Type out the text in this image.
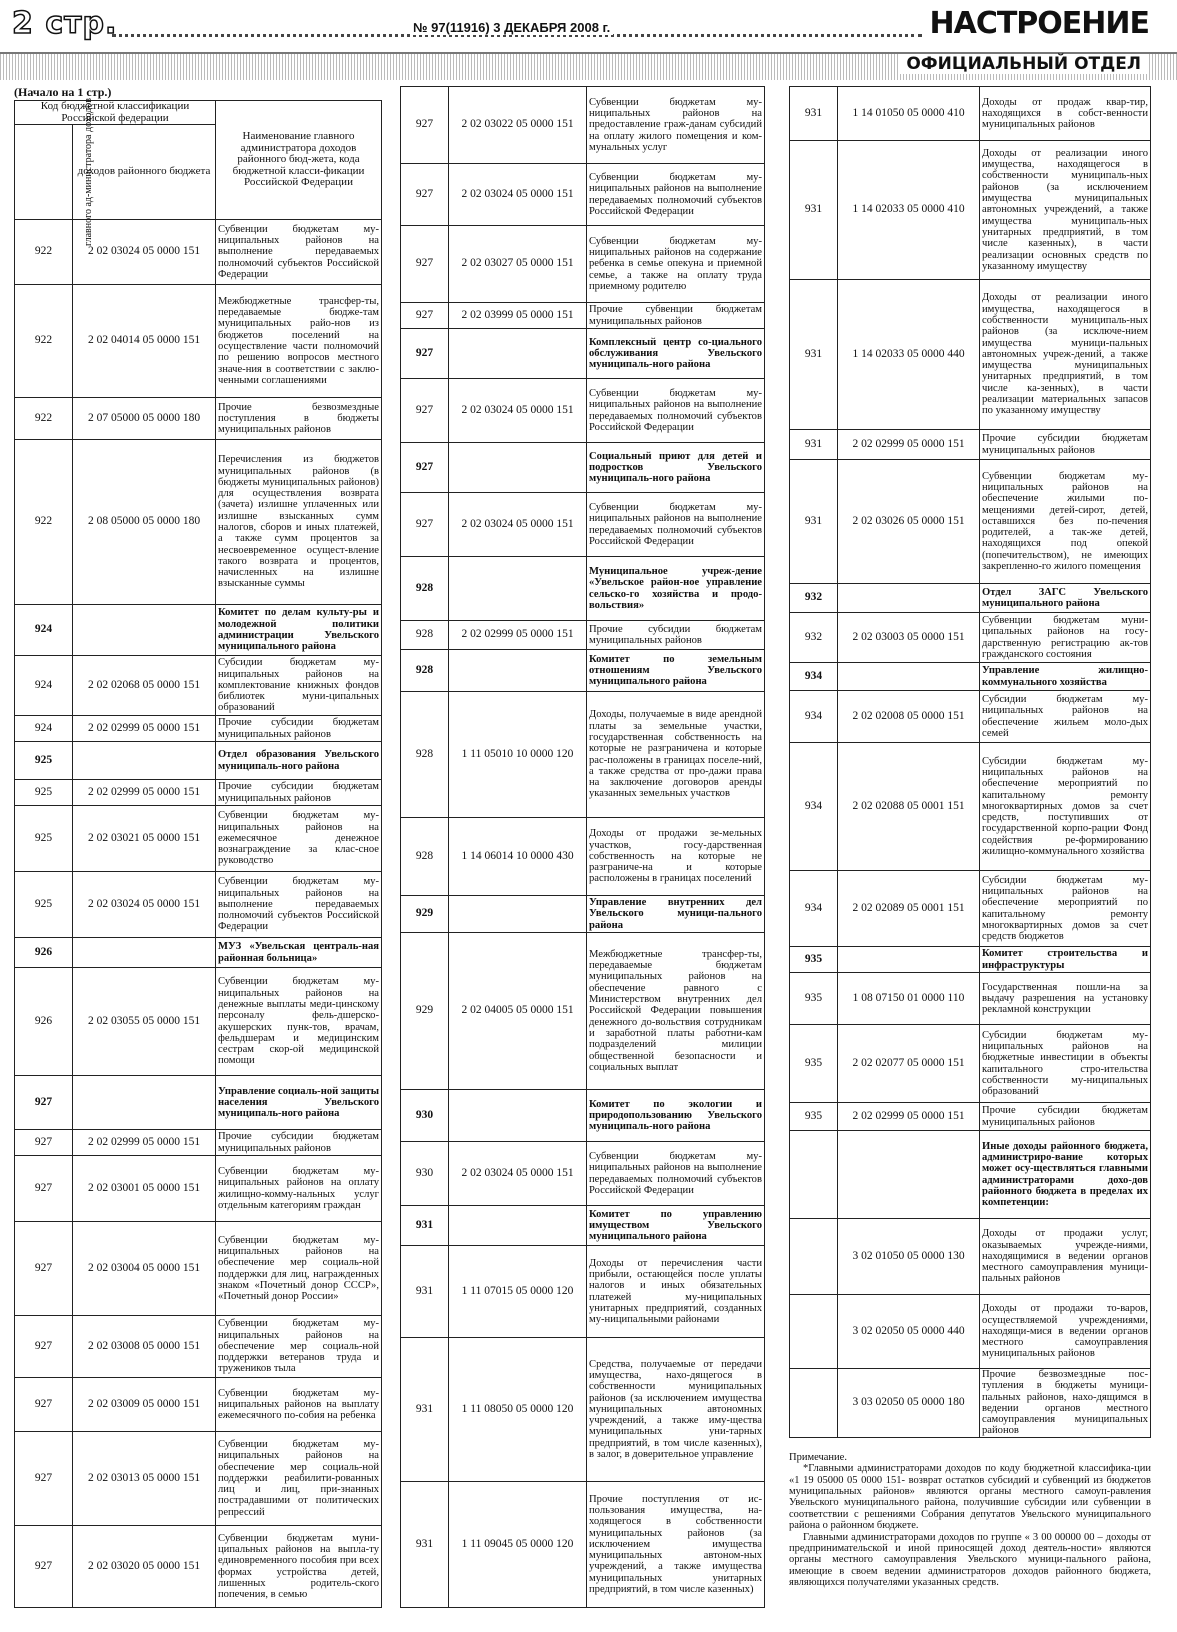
2 стр.	№ 97(11916) 3 ДЕКАБРЯ 2008 г.	НАСТРОЕНИЕ
ОФИЦИАЛЬНЫЙ ОТДЕЛ
(Начало на 1 стр.)
Код бюджетной классификации Российской федерации		Наименование главного администратора доходов районного бюд-жета, кода бюджетной класси-фикации Российской Федерации
главного ад-министратора доходов	доходов районного бюджета	
922	2 02 03024 05 0000 151	Субвенции бюджетам му-ниципальных районов на выполнение передаваемых полномочий субъектов Российской Федерации
922	2 02 04014 05 0000 151	Межбюджетные трансфер-ты, передаваемые бюдже-там муниципальных райо-нов из бюджетов поселений на осуществление части полномочий по решению вопросов местного значе-ния в соответствии с заклю-ченными соглашениями
922	2 07 05000 05 0000 180	Прочие безвозмездные поступления в бюджеты муниципальных районов
922	2 08 05000 05 0000 180	Перечисления из бюджетов муниципальных районов (в бюджеты муниципальных районов) для осуществления возврата (зачета) излишне уплаченных или излишне взысканных сумм налогов, сборов и иных платежей, а также сумм процентов за несвоевременное осущест-вление такого возврата и процентов, начисленных на излишне взысканные суммы
924		Комитет по делам культу-ры и молодежной политики администрации Увельского муниципального района
924	2 02 02068 05 0000 151	Субсидии бюджетам му-ниципальных районов на комплектование книжных фондов библиотек муни-ципальных образований
924	2 02 02999 05 0000 151	Прочие субсидии бюджетам муниципальных районов
925		Отдел образования Увельского муниципаль-ного района
925	2 02 02999 05 0000 151	Прочие субсидии бюджетам муниципальных районов
925	2 02 03021 05 0000 151	Субвенции бюджетам му-ниципальных районов на ежемесячное денежное вознаграждение за клас-сное руководство
925	2 02 03024 05 0000 151	Субвенции бюджетам му-ниципальных районов на выполнение передаваемых полномочий субъектов Российской Федерации
926		МУЗ «Увельская централь-ная районная больница»
926	2 02 03055 05 0000 151	Субвенции бюджетам му-ниципальных районов на денежные выплаты меди-цинскому персоналу фель-дшерско-акушерских пунк-тов, врачам, фельдшерам и медицинским сестрам скор-ой медицинской помощи
927		Управление социаль-ной защиты населения Увельского муниципаль-ного района
927	2 02 02999 05 0000 151	Прочие субсидии бюджетам муниципальных районов
927	2 02 03001 05 0000 151	Субвенции бюджетам му-ниципальных районов на оплату жилищно-комму-нальных услуг отдельным категориям граждан
927	2 02 03004 05 0000 151	Субвенции бюджетам му-ниципальных районов на обеспечение мер социаль-ной поддержки для лиц, награжденных знаком «Почетный донор СССР», «Почетный донор России»
927	2 02 03008 05 0000 151	Субвенции бюджетам му-ниципальных районов на обеспечение мер социаль-ной поддержки ветеранов труда и тружеников тыла
927	2 02 03009 05 0000 151	Субвенции бюджетам му-ниципальных районов на выплату ежемесячного по-собия на ребенка
927	2 02 03013 05 0000 151	Субвенции бюджетам му-ниципальных районов на обеспечение мер социаль-ной поддержки реабилити-рованных лиц и лиц, при-знанных пострадавшими от политических репрессий
927	2 02 03020 05 0000 151	Субвенции бюджетам муни-ципальных районов на выпла-ту единовременного пособия при всех формах устройства детей, лишенных родитель-ского попечения, в семью
927	2 02 03022 05 0000 151	Субвенции бюджетам му-ниципальных районов на предоставление граж-данам субсидий на оплату жилого помещения и ком-мунальных услуг
927	2 02 03024 05 0000 151	Субвенции бюджетам му-ниципальных районов на выполнение передаваемых полномочий субъектов Российской Федерации
927	2 02 03027 05 0000 151	Субвенции бюджетам му-ниципальных районов на содержание ребенка в семье опекуна и приемной семье, а также на оплату труда приемному родителю
927	2 02 03999 05 0000 151	Прочие субвенции бюджетам муниципальных районов
927		Комплексный центр со-циального обслуживания Увельского муниципаль-ного района
927	2 02 03024 05 0000 151	Субвенции бюджетам му-ниципальных районов на выполнение передаваемых полномочий субъектов Российской Федерации
927		Социальный приют для детей и подростков Увельского муниципаль-ного района
927	2 02 03024 05 0000 151	Субвенции бюджетам му-ниципальных районов на выполнение передаваемых полномочий субъектов Российской Федерации
928		Муниципальное учреж-дение «Увельское район-ное управление сельско-го хозяйства и продо-вольствия»
928	2 02 02999 05 0000 151	Прочие субсидии бюджетам муниципальных районов
928		Комитет по земельным отношениям Увельского муниципального района
928	1 11 05010 10 0000 120	Доходы, получаемые в виде арендной платы за земельные участки, государственная собственность на которые не разграничена и которые рас-положены в границах поселе-ний, а также средства от про-дажи права на заключение договоров аренды указанных земельных участков
928	1 14 06014 10 0000 430	Доходы от продажи зе-мельных участков, госу-дарственная собственность на которые не разграниче-на и которые расположены в границах поселений
929		Управление внутренних дел Увельского муници-пального района
929	2 02 04005 05 0000 151	Межбюджетные трансфер-ты, передаваемые бюджетам муниципальных районов на обеспечение равного с Министерством внутренних дел Российской Федерации повышения денежного до-вольствия сотрудникам и заработной платы работни-кам подразделений милиции общественной безопасности и социальных выплат
930		Комитет по экологии и природопользованию Увельского муниципаль-ного района
930	2 02 03024 05 0000 151	Субвенции бюджетам му-ниципальных районов на выполнение передаваемых полномочий субъектов Российской Федерации
931		Комитет по управлению имуществом Увельского муниципального района
931	1 11 07015 05 0000 120	Доходы от перечисления части прибыли, остающейся после уплаты налогов и иных обязательных платежей му-ниципальных унитарных предприятий, созданных му-ниципальными районами
931	1 11 08050 05 0000 120	Средства, получаемые от передачи имущества, нахо-дящегося в собственности муниципальных районов (за исключением имущества муниципальных автономных учреждений, а также иму-щества муниципальных уни-тарных предприятий, в том числе казенных), в залог, в доверительное управление
931	1 11 09045 05 0000 120	Прочие поступления от ис-пользования имущества, на-ходящегося в собственности муниципальных районов (за исключением имущества муниципальных автоном-ных учреждений, а также имущества муниципальных унитарных предприятий, в том числе казенных)
931	1 14 01050 05 0000 410	Доходы от продаж квар-тир, находящихся в собст-венности муниципальных районов
931	1 14 02033 05 0000 410	Доходы от реализации иного имущества, находящегося в собственности муниципаль-ных районов (за исключением имущества муниципальных автономных учреждений, а также имущества муниципаль-ных унитарных предприятий, в том числе казенных), в части реализации основных средств по указанному имуществу
931	1 14 02033 05 0000 440	Доходы от реализации иного имущества, находящегося в собственности муниципаль-ных районов (за исключе-нием имущества муници-пальных автономных учреж-дений, а также имущества муниципальных унитарных предприятий, в том числе ка-зенных), в части реализации материальных запасов по указанному имуществу
931	2 02 02999 05 0000 151	Прочие субсидии бюджетам муниципальных районов
931	2 02 03026 05 0000 151	Субвенции бюджетам му-ниципальных районов на обеспечение жилыми по-мещениями детей-сирот, детей, оставшихся без по-печения родителей, а так-же детей, находящихся под опекой (попечительством), не имеющих закрепленно-го жилого помещения
932		Отдел ЗАГС Увельского муниципального района
932	2 02 03003 05 0000 151	Субвенции бюджетам муни-ципальных районов на госу-дарственную регистрацию ак-тов гражданского состояния
934		Управление жилищно-коммунального хозяйства
934	2 02 02008 05 0000 151	Субсидии бюджетам му-ниципальных районов на обеспечение жильем моло-дых семей
934	2 02 02088 05 0001 151	Субсидии бюджетам му-ниципальных районов на обеспечение мероприятий по капитальному ремонту многоквартирных домов за счет средств, поступивших от государственной корпо-рации Фонд содействия ре-формированию жилищно-коммунального хозяйства
934	2 02 02089 05 0001 151	Субсидии бюджетам му-ниципальных районов на обеспечение мероприятий по капитальному ремонту многоквартирных домов за счет средств бюджетов
935		Комитет строительства и инфраструктуры
935	1 08 07150 01 0000 110	Государственная пошли-на за выдачу разрешения на установку рекламной конструкции
935	2 02 02077 05 0000 151	Субсидии бюджетам му-ниципальных районов на бюджетные инвестиции в объекты капитального стро-ительства собственности му-ниципальных образований
935	2 02 02999 05 0000 151	Прочие субсидии бюджетам муниципальных районов
		Иные доходы районного бюджета, администриро-вание которых может осу-ществляться главными администраторами дохо-дов районного бюджета в пределах их компетенции:
	3 02 01050 05 0000 130	Доходы от продажи услуг, оказываемых учрежде-ниями, находящимися в ведении органов местного самоуправления муници-пальных районов
	3 02 02050 05 0000 440	Доходы от продажи то-варов, осуществляемой учреждениями, находящи-мися в ведении органов местного самоуправления муниципальных районов
	3 03 02050 05 0000 180	Прочие безвозмездные пос-тупления в бюджеты муници-пальных районов, нахо-дящимся в ведении органов местного самоуправления муниципальных районов
Примечание.

*Главными администраторами доходов по коду бюджетной классифика-ции «1 19 05000 05 0000 151- возврат остатков субсидий и субвенций из бюджетов муниципальных районов» являются органы местного самоуп-равления Увельского муниципального района, получившие субсидии или субвенции в соответствии с решениями Собрания депутатов Увельского муниципального района о районном бюджете.

Главными администраторами доходов по группе « 3 00 00000 00 – доходы от предпринимательской и иной приносящей доход деятель-ности» являются органы местного самоуправления Увельского муници-пального района, имеющие в своем ведении администраторов доходов районного бюджета, являющихся получателями указанных средств.
